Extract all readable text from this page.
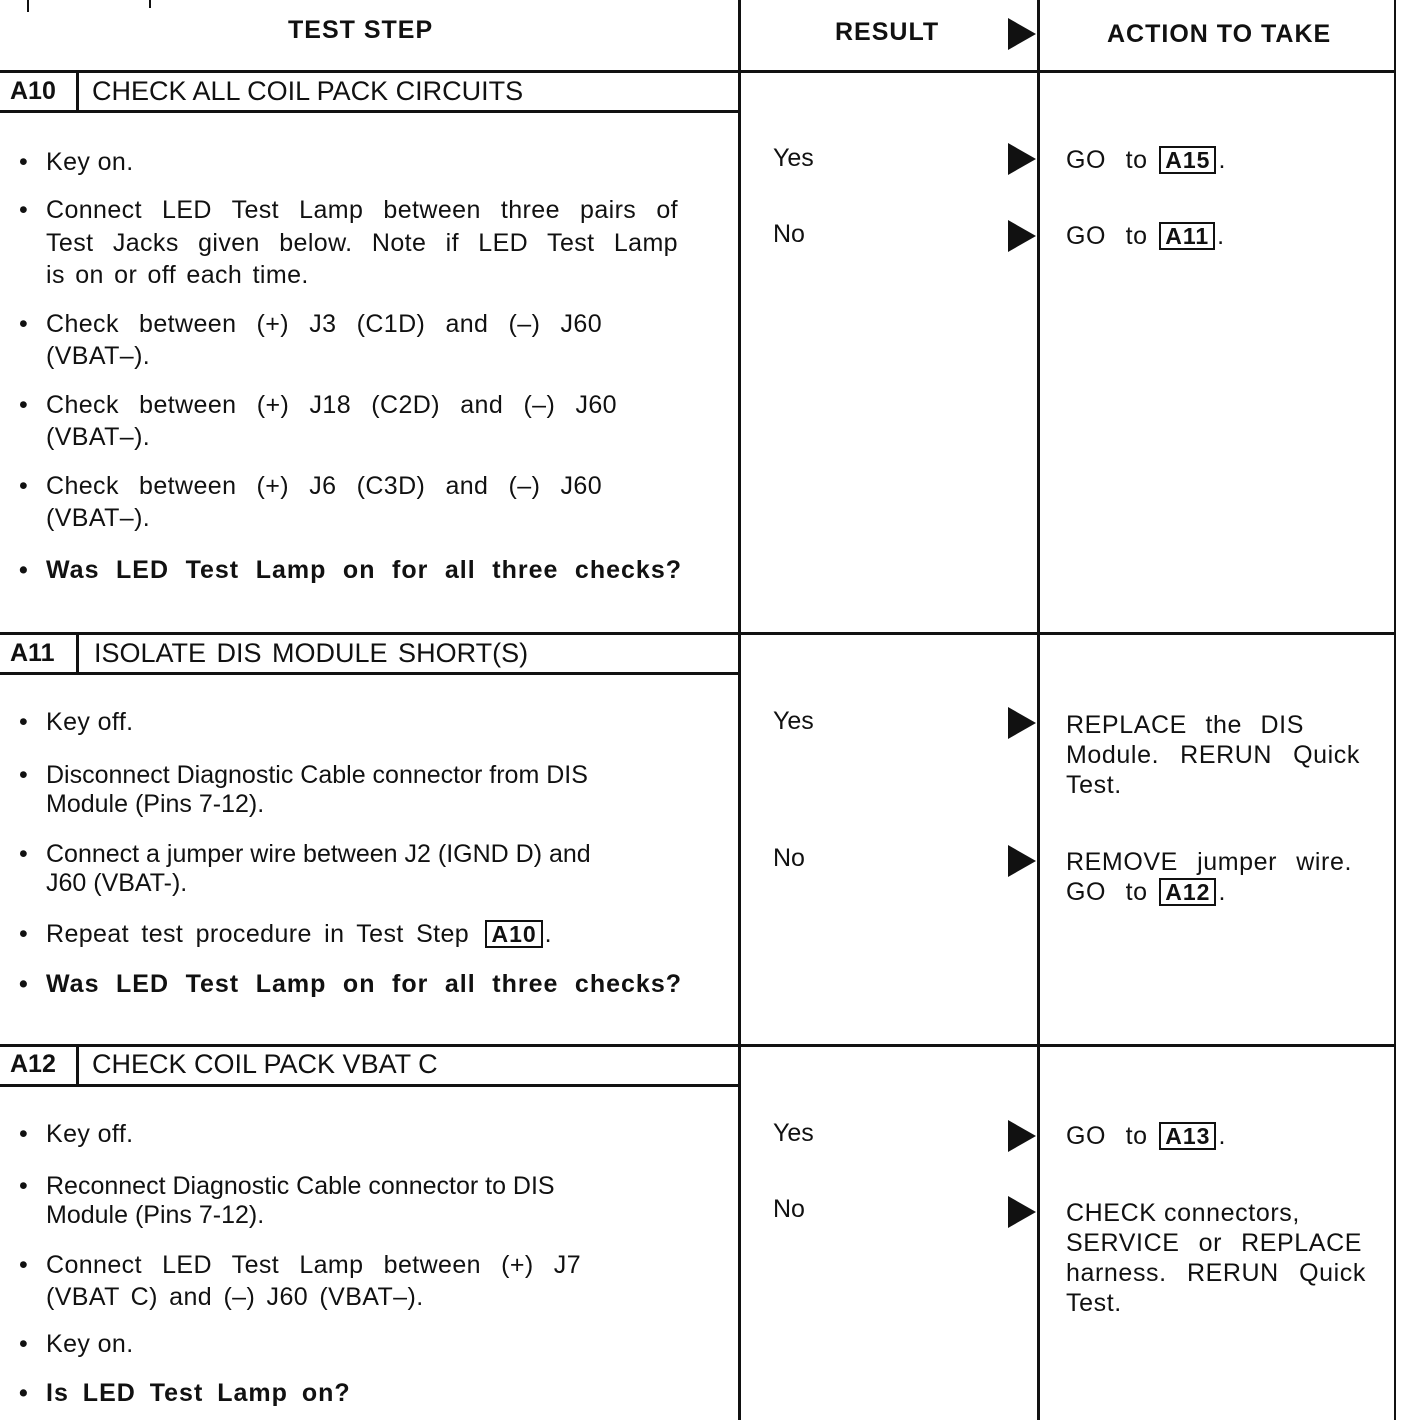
TEST STEP	RESULT	ACTION TO TAKE
A10 CHECK ALL COIL PACK CIRCUITS
• Key on.
• Connect LED Test Lamp between three pairs of
Test Jacks given below. Note if LED Test Lamp
is on or off each time.
• Check between (+) J3 (C1D) and (–) J60
(VBAT–).
• Check between (+) J18 (C2D) and (–) J60
(VBAT–).
• Check between (+) J6 (C3D) and (–) J60
(VBAT–).
• Was LED Test Lamp on for all three checks?
Yes	GO to A15 .
No	GO to A11 .
A11 ISOLATE DIS MODULE SHORT(S)
• Key off.
• Disconnect Diagnostic Cable connector from DIS
Module (Pins 7-12).
• Connect a jumper wire between J2 (IGND D) and
J60 (VBAT-).
• Repeat test procedure in Test Step A10 .
• Was LED Test Lamp on for all three checks?
Yes	REPLACE the DIS
Module. RERUN Quick
Test.
No	REMOVE jumper wire.
GO to A12 .
A12 CHECK COIL PACK VBAT C
• Key off.
• Reconnect Diagnostic Cable connector to DIS
Module (Pins 7-12).
• Connect LED Test Lamp between (+) J7
(VBAT C) and (–) J60 (VBAT–).
• Key on.
• Is LED Test Lamp on?
Yes	GO to A13 .
No	CHECK connectors,
SERVICE or REPLACE
harness. RERUN Quick
Test.
